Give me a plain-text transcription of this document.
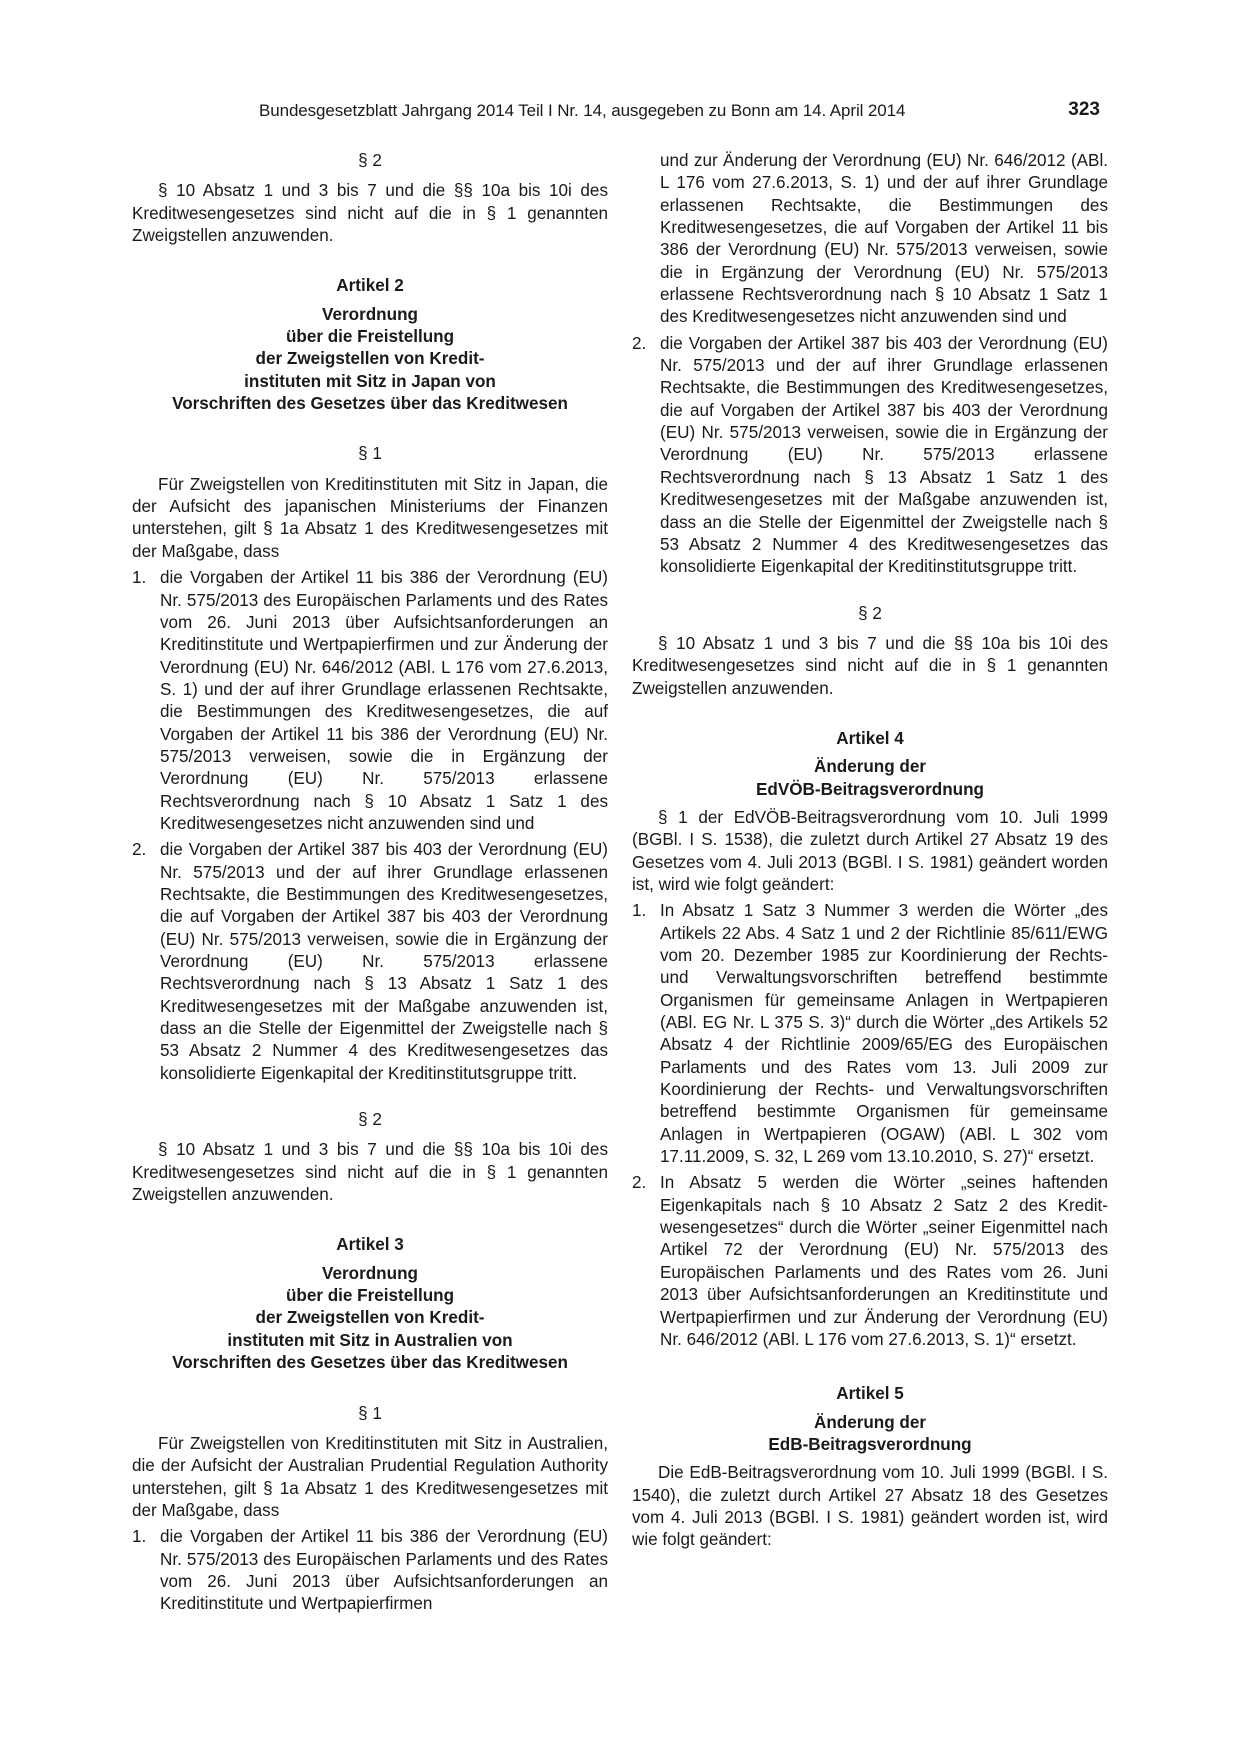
Bundesgesetzblatt Jahrgang 2014 Teil I Nr. 14, ausgegeben zu Bonn am 14. April 2014	323

§ 2

§ 10 Absatz 1 und 3 bis 7 und die §§ 10a bis 10i des Kreditwesengesetzes sind nicht auf die in § 1 genannten Zweigstellen anzuwenden.

Artikel 2

Verordnung

über die Freistellung

der Zweigstellen von Kredit-

instituten mit Sitz in Japan von

Vorschriften des Gesetzes über das Kreditwesen

§ 1

Für Zweigstellen von Kreditinstituten mit Sitz in Japan, die der Aufsicht des japanischen Ministeriums der Finanzen unterstehen, gilt § 1a Absatz 1 des Kreditwesengesetzes mit der Maßgabe, dass

1. die Vorgaben der Artikel 11 bis 386 der Verordnung (EU) Nr. 575/2013 des Europäischen Parlaments und des Rates vom 26. Juni 2013 über Aufsichtsanforderungen an Kreditinstitute und Wertpapierfirmen und zur Änderung der Verordnung (EU) Nr. 646/2012 (ABl. L 176 vom 27.6.2013, S. 1) und der auf ihrer Grundlage erlassenen Rechtsakte, die Bestimmungen des Kreditwesengesetzes, die auf Vorgaben der Artikel 11 bis 386 der Verordnung (EU) Nr. 575/2013 verweisen, sowie die in Ergänzung der Verordnung (EU) Nr. 575/2013 erlassene Rechtsverordnung nach § 10 Absatz 1 Satz 1 des Kreditwesengesetzes nicht anzuwenden sind und
2. die Vorgaben der Artikel 387 bis 403 der Verordnung (EU) Nr. 575/2013 und der auf ihrer Grundlage erlassenen Rechtsakte, die Bestimmungen des Kreditwesengesetzes, die auf Vorgaben der Artikel 387 bis 403 der Verordnung (EU) Nr. 575/2013 verweisen, sowie die in Ergänzung der Verordnung (EU) Nr. 575/2013 erlassene Rechtsverordnung nach § 13 Absatz 1 Satz 1 des Kreditwesengesetzes mit der Maßgabe anzuwenden ist, dass an die Stelle der Eigenmittel der Zweigstelle nach § 53 Absatz 2 Nummer 4 des Kreditwesengesetzes das konsolidierte Eigenkapital der Kreditinstitutsgruppe tritt.

§ 2

§ 10 Absatz 1 und 3 bis 7 und die §§ 10a bis 10i des Kreditwesengesetzes sind nicht auf die in § 1 genannten Zweigstellen anzuwenden.

Artikel 3

Verordnung

über die Freistellung

der Zweigstellen von Kredit-

instituten mit Sitz in Australien von

Vorschriften des Gesetzes über das Kreditwesen

§ 1

Für Zweigstellen von Kreditinstituten mit Sitz in Australien, die der Aufsicht der Australian Prudential Regulation Authority unterstehen, gilt § 1a Absatz 1 des Kreditwesengesetzes mit der Maßgabe, dass

1. die Vorgaben der Artikel 11 bis 386 der Verordnung (EU) Nr. 575/2013 des Europäischen Parlaments und des Rates vom 26. Juni 2013 über Aufsichtsanforderungen an Kreditinstitute und Wertpapierfirmen

und zur Änderung der Verordnung (EU) Nr. 646/2012 (ABl. L 176 vom 27.6.2013, S. 1) und der auf ihrer Grundlage erlassenen Rechtsakte, die Bestimmungen des Kreditwesengesetzes, die auf Vorgaben der Artikel 11 bis 386 der Verordnung (EU) Nr. 575/2013 verweisen, sowie die in Ergänzung der Verordnung (EU) Nr. 575/2013 erlassene Rechtsverordnung nach § 10 Absatz 1 Satz 1 des Kreditwesengesetzes nicht anzuwenden sind und

2. die Vorgaben der Artikel 387 bis 403 der Verordnung (EU) Nr. 575/2013 und der auf ihrer Grundlage erlassenen Rechtsakte, die Bestimmungen des Kreditwesengesetzes, die auf Vorgaben der Artikel 387 bis 403 der Verordnung (EU) Nr. 575/2013 verweisen, sowie die in Ergänzung der Verordnung (EU) Nr. 575/2013 erlassene Rechtsverordnung nach § 13 Absatz 1 Satz 1 des Kreditwesengesetzes mit der Maßgabe anzuwenden ist, dass an die Stelle der Eigenmittel der Zweigstelle nach § 53 Absatz 2 Nummer 4 des Kreditwesengesetzes das konsolidierte Eigenkapital der Kreditinstitutsgruppe tritt.

§ 2

§ 10 Absatz 1 und 3 bis 7 und die §§ 10a bis 10i des Kreditwesengesetzes sind nicht auf die in § 1 genannten Zweigstellen anzuwenden.

Artikel 4

Änderung der

EdVÖB-Beitragsverordnung

§ 1 der EdVÖB-Beitragsverordnung vom 10. Juli 1999 (BGBl. I S. 1538), die zuletzt durch Artikel 27 Absatz 19 des Gesetzes vom 4. Juli 2013 (BGBl. I S. 1981) geändert worden ist, wird wie folgt geändert:

1. In Absatz 1 Satz 3 Nummer 3 werden die Wörter „des Artikels 22 Abs. 4 Satz 1 und 2 der Richtlinie 85/611/EWG vom 20. Dezember 1985 zur Koordinierung der Rechts- und Verwaltungsvorschriften betreffend bestimmte Organismen für gemeinsame Anlagen in Wertpapieren (ABl. EG Nr. L 375 S. 3)“ durch die Wörter „des Artikels 52 Absatz 4 der Richtlinie 2009/65/EG des Europäischen Parlaments und des Rates vom 13. Juli 2009 zur Koordinierung der Rechts- und Verwaltungsvorschriften betreffend bestimmte Organismen für gemeinsame Anlagen in Wertpapieren (OGAW) (ABl. L 302 vom 17.11.2009, S. 32, L 269 vom 13.10.2010, S. 27)“ ersetzt.
2. In Absatz 5 werden die Wörter „seines haftenden Eigenkapitals nach § 10 Absatz 2 Satz 2 des Kreditwesengesetzes“ durch die Wörter „seiner Eigenmittel nach Artikel 72 der Verordnung (EU) Nr. 575/2013 des Europäischen Parlaments und des Rates vom 26. Juni 2013 über Aufsichtsanforderungen an Kreditinstitute und Wertpapierfirmen und zur Änderung der Verordnung (EU) Nr. 646/2012 (ABl. L 176 vom 27.6.2013, S. 1)“ ersetzt.

Artikel 5

Änderung der

EdB-Beitragsverordnung

Die EdB-Beitragsverordnung vom 10. Juli 1999 (BGBl. I S. 1540), die zuletzt durch Artikel 27 Absatz 18 des Gesetzes vom 4. Juli 2013 (BGBl. I S. 1981) geändert worden ist, wird wie folgt geändert:
